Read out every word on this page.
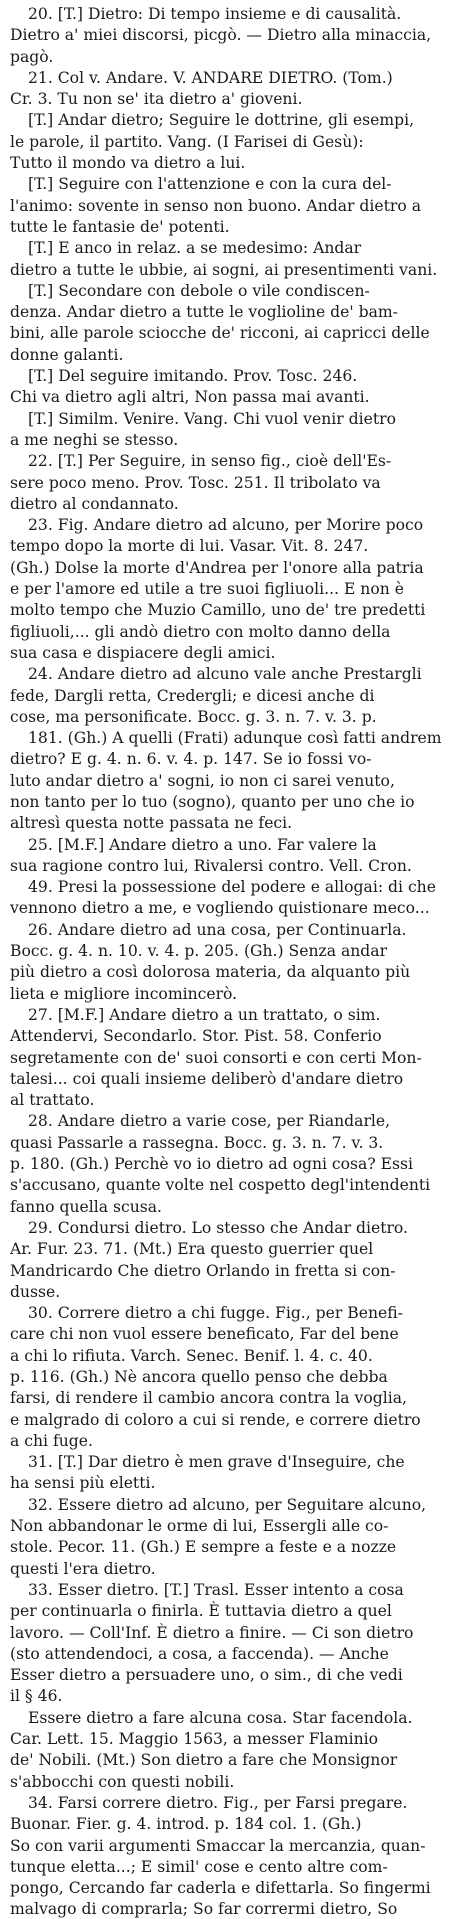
20. [T.] Dietro: Di tempo insieme e di causalità.
Dietro a' miei discorsi, picgò. — Dietro alla minaccia,
pagò.
21. Col v. Andare. V. ANDARE DIETRO. (Tom.)
Cr. 3. Tu non se' ita dietro a' gioveni.
[T.] Andar dietro; Seguire le dottrine, gli esempi,
le parole, il partito. Vang. (I Farisei di Gesù):
Tutto il mondo va dietro a lui.
[T.] Seguire con l'attenzione e con la cura del-
l'animo: sovente in senso non buono. Andar dietro a
tutte le fantasie de' potenti.
[T.] E anco in relaz. a se medesimo: Andar
dietro a tutte le ubbie, ai sogni, ai presentimenti vani.
[T.] Secondare con debole o vile condiscen-
denza. Andar dietro a tutte le voglioline de' bam-
bini, alle parole sciocche de' ricconi, ai capricci delle
donne galanti.
[T.] Del seguire imitando. Prov. Tosc. 246.
Chi va dietro agli altri, Non passa mai avanti.
[T.] Similm. Venire. Vang. Chi vuol venir dietro
a me neghi se stesso.
22. [T.] Per Seguire, in senso fig., cioè dell'Es-
sere poco meno. Prov. Tosc. 251. Il tribolato va
dietro al condannato.
23. Fig. Andare dietro ad alcuno, per Morire poco
tempo dopo la morte di lui. Vasar. Vit. 8. 247.
(Gh.) Dolse la morte d'Andrea per l'onore alla patria
e per l'amore ed utile a tre suoi figliuoli... E non è
molto tempo che Muzio Camillo, uno de' tre predetti
figliuoli,... gli andò dietro con molto danno della
sua casa e dispiacere degli amici.
24. Andare dietro ad alcuno vale anche Prestargli
fede, Dargli retta, Credergli; e dicesi anche di
cose, ma personificate. Bocc. g. 3. n. 7. v. 3. p.
181. (Gh.) A quelli (Frati) adunque così fatti andrem
dietro? E g. 4. n. 6. v. 4. p. 147. Se io fossi vo-
luto andar dietro a' sogni, io non ci sarei venuto,
non tanto per lo tuo (sogno), quanto per uno che io
altresì questa notte passata ne feci.
25. [M.F.] Andare dietro a uno. Far valere la
sua ragione contro lui, Rivalersi contro. Vell. Cron.
49. Presi la possessione del podere e allogai: di che
vennono dietro a me, e vogliendo quistionare meco...
26. Andare dietro ad una cosa, per Continuarla.
Bocc. g. 4. n. 10. v. 4. p. 205. (Gh.) Senza andar
più dietro a così dolorosa materia, da alquanto più
lieta e migliore incomincerò.
27. [M.F.] Andare dietro a un trattato, o sim.
Attendervi, Secondarlo. Stor. Pist. 58. Conferio
segretamente con de' suoi consorti e con certi Mon-
talesi... coi quali insieme deliberò d'andare dietro
al trattato.
28. Andare dietro a varie cose, per Riandarle,
quasi Passarle a rassegna. Bocc. g. 3. n. 7. v. 3.
p. 180. (Gh.) Perchè vo io dietro ad ogni cosa? Essi
s'accusano, quante volte nel cospetto degl'intendenti
fanno quella scusa.
29. Condursi dietro. Lo stesso che Andar dietro.
Ar. Fur. 23. 71. (Mt.) Era questo guerrier quel
Mandricardo Che dietro Orlando in fretta si con-
dusse.
30. Correre dietro a chi fugge. Fig., per Benefi-
care chi non vuol essere beneficato, Far del bene
a chi lo rifiuta. Varch. Senec. Benif. l. 4. c. 40.
p. 116. (Gh.) Nè ancora quello penso che debba
farsi, di rendere il cambio ancora contra la voglia,
e malgrado di coloro a cui si rende, e correre dietro
a chi fuge.
31. [T.] Dar dietro è men grave d'Inseguire, che
ha sensi più eletti.
32. Essere dietro ad alcuno, per Seguitare alcuno,
Non abbandonar le orme di lui, Essergli alle co-
stole. Pecor. 11. (Gh.) E sempre a feste e a nozze
questi l'era dietro.
33. Esser dietro. [T.] Trasl. Esser intento a cosa
per continuarla o finirla. È tuttavia dietro a quel
lavoro. — Coll'Inf. È dietro a finire. — Ci son dietro
(sto attendendoci, a cosa, a faccenda). — Anche
Esser dietro a persuadere uno, o sim., di che vedi
il § 46.
Essere dietro a fare alcuna cosa. Star facendola.
Car. Lett. 15. Maggio 1563, a messer Flaminio
de' Nobili. (Mt.) Son dietro a fare che Monsignor
s'abbocchi con questi nobili.
34. Farsi correre dietro. Fig., per Farsi pregare.
Buonar. Fier. g. 4. introd. p. 184 col. 1. (Gh.)
So con varii argumenti Smaccar la mercanzia, quan-
tunque eletta...; E simil' cose e cento altre com-
pongo, Cercando far caderla e difettarla. So fingermi
malvago di comprarla; So far corrermi dietro, So
